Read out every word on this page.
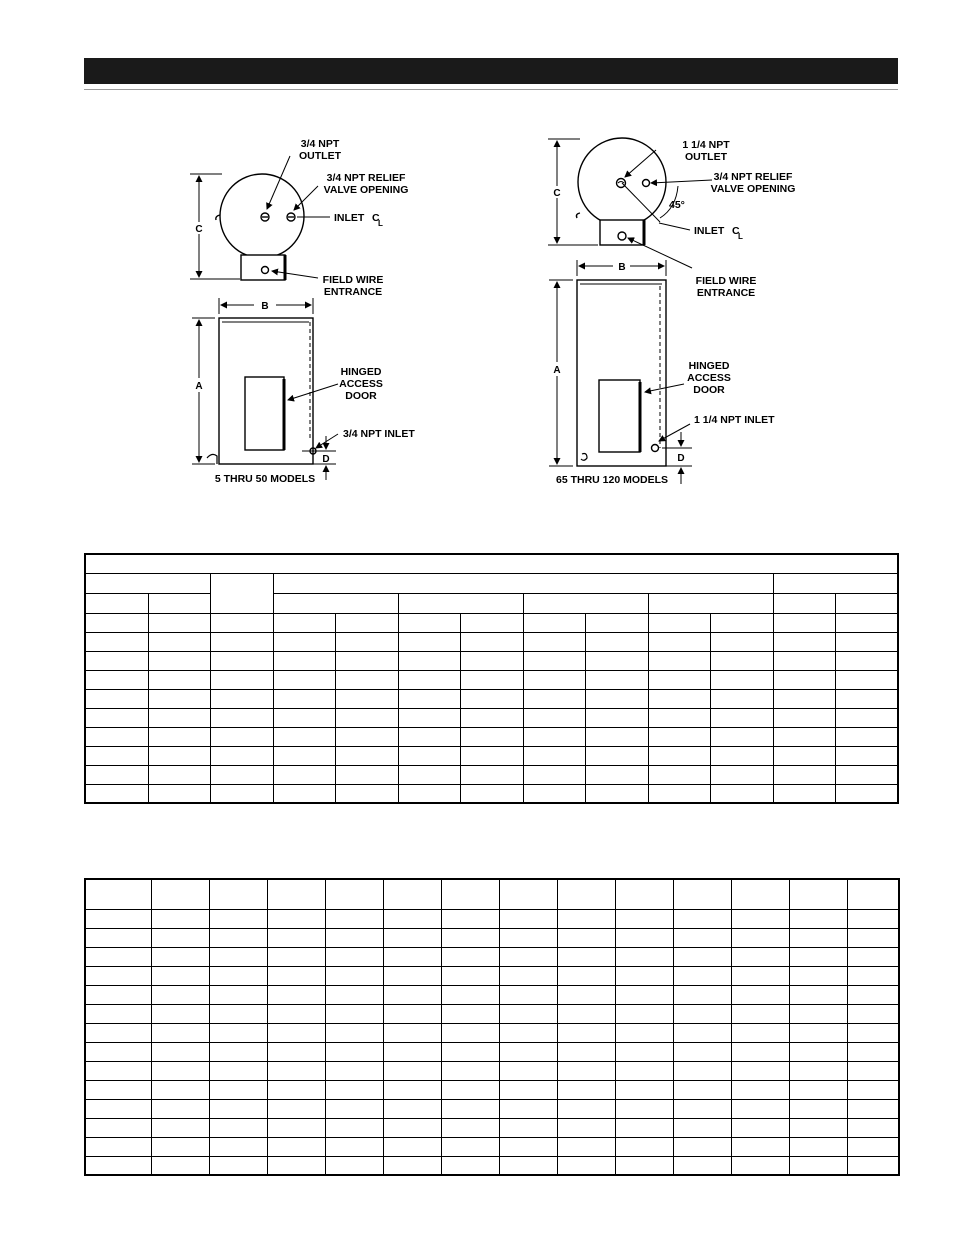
3/4 NPT
OUTLET
3/4 NPT RELIEF
VALVE OPENING
INLET C
L
FIELD WIRE
ENTRANCE
HINGED
ACCESS
DOOR
3/4 NPT INLET
C
B
A
D
5 THRU 50 MODELS
1 1/4 NPT
OUTLET
3/4 NPT RELIEF
VALVE OPENING
45°
INLET C
L
FIELD WIRE
ENTRANCE
HINGED
ACCESS
DOOR
1 1/4 NPT INLET
C
B
A
D
65 THRU 120 MODELS
